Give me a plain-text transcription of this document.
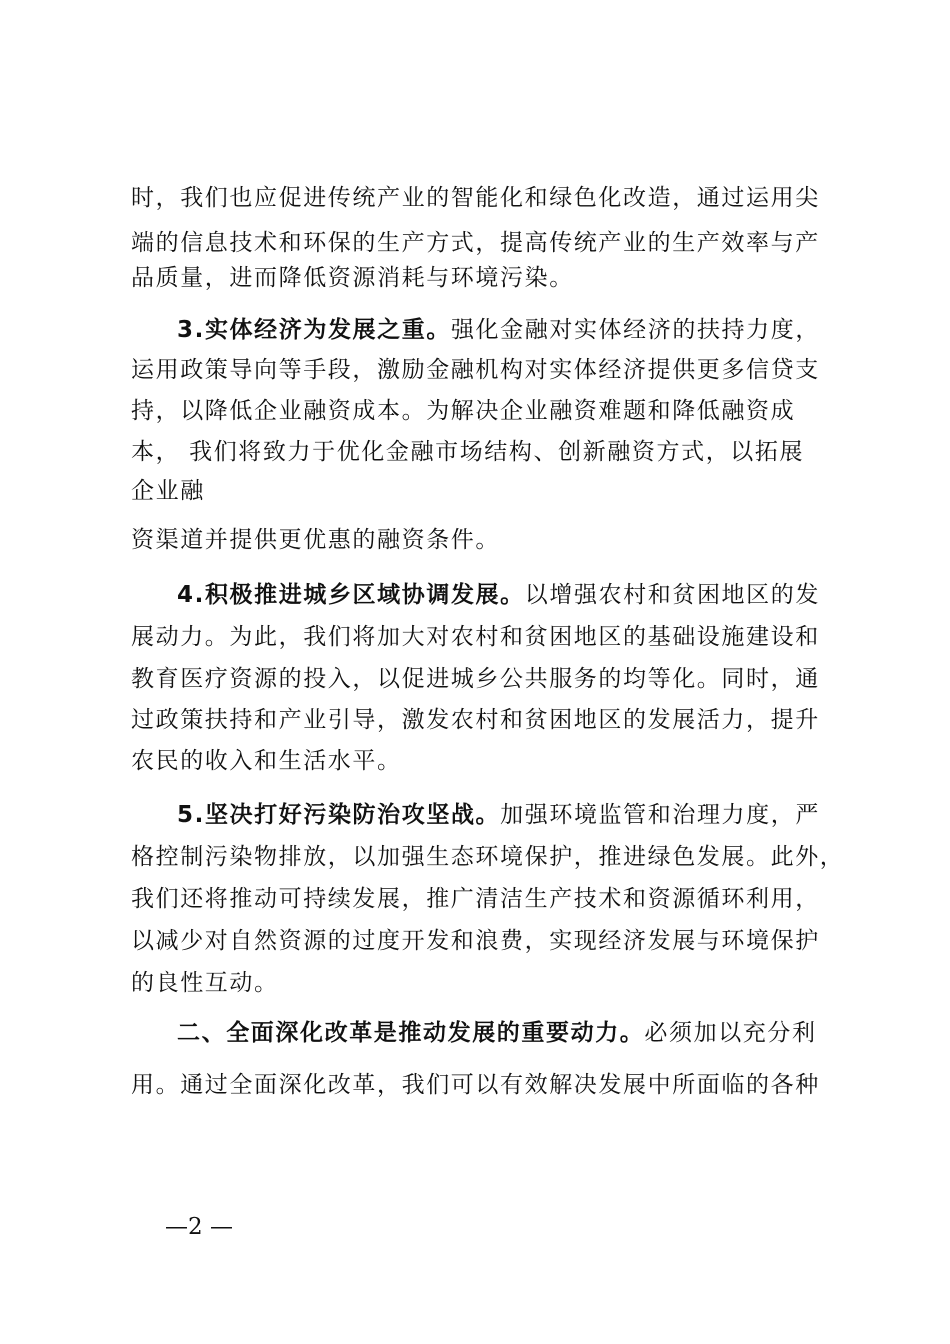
时，我们也应促进传统产业的智能化和绿色化改造，通过运用尖
端的信息技术和环保的生产方式，提高传统产业的生产效率与产
品质量，进而降低资源消耗与环境污染。
3.实体经济为发展之重。强化金融对实体经济的扶持力度，
运用政策导向等手段，激励金融机构对实体经济提供更多信贷支
持，以降低企业融资成本。为解决企业融资难题和降低融资成
本， 我们将致力于优化金融市场结构、创新融资方式，以拓展
企业融
资渠道并提供更优惠的融资条件。
4.积极推进城乡区域协调发展。以增强农村和贫困地区的发
展动力。为此，我们将加大对农村和贫困地区的基础设施建设和
教育医疗资源的投入，以促进城乡公共服务的均等化。同时，通
过政策扶持和产业引导，激发农村和贫困地区的发展活力，提升
农民的收入和生活水平。
5.坚决打好污染防治攻坚战。加强环境监管和治理力度，严
格控制污染物排放，以加强生态环境保护，推进绿色发展。此外，
我们还将推动可持续发展，推广清洁生产技术和资源循环利用，
以减少对自然资源的过度开发和浪费，实现经济发展与环境保护
的良性互动。
二、全面深化改革是推动发展的重要动力。必须加以充分利
用。通过全面深化改革，我们可以有效解决发展中所面临的各种
—2 —
